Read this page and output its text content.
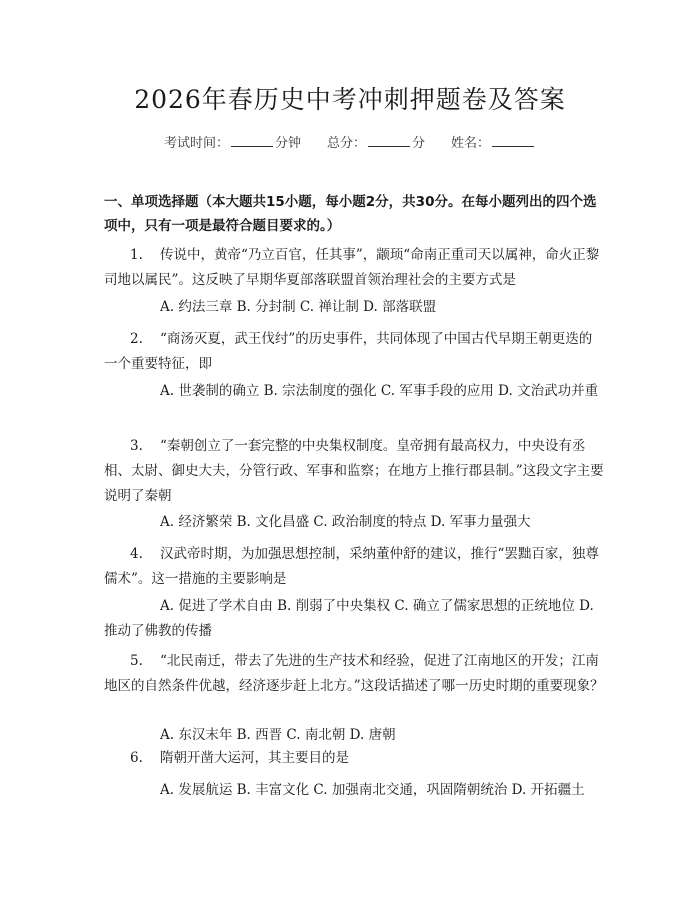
2026年春历史中考冲刺押题卷及答案
考试时间：	分钟 总分：	分 姓名：
一、单项选择题（本大题共15小题，每小题2分，共30分。在每小题列出的四个选项中，只有一项是最符合题目要求的。）
1. 传说中，黄帝“乃立百官，任其事”，颛顼“命南正重司天以属神，命火正黎司地以属民”。这反映了早期华夏部落联盟首领治理社会的主要方式是
A. 约法三章 B. 分封制 C. 禅让制 D. 部落联盟
2. “商汤灭夏，武王伐纣”的历史事件，共同体现了中国古代早期王朝更迭的一个重要特征，即
A. 世袭制的确立 B. 宗法制度的强化 C. 军事手段的应用 D. 文治武功并重
3. “秦朝创立了一套完整的中央集权制度。皇帝拥有最高权力，中央设有丞相、太尉、御史大夫，分管行政、军事和监察；在地方上推行郡县制。”这段文字主要说明了秦朝
A. 经济繁荣 B. 文化昌盛 C. 政治制度的特点 D. 军事力量强大
4. 汉武帝时期，为加强思想控制，采纳董仲舒的建议，推行“罢黜百家，独尊儒术”。这一措施的主要影响是
A. 促进了学术自由 B. 削弱了中央集权 C. 确立了儒家思想的正统地位 D. 推动了佛教的传播
5. “北民南迁，带去了先进的生产技术和经验，促进了江南地区的开发；江南地区的自然条件优越，经济逐步赶上北方。”这段话描述了哪一历史时期的重要现象？
A. 东汉末年 B. 西晋 C. 南北朝 D. 唐朝
6. 隋朝开凿大运河，其主要目的是
A. 发展航运 B. 丰富文化 C. 加强南北交通，巩固隋朝统治 D. 开拓疆土
